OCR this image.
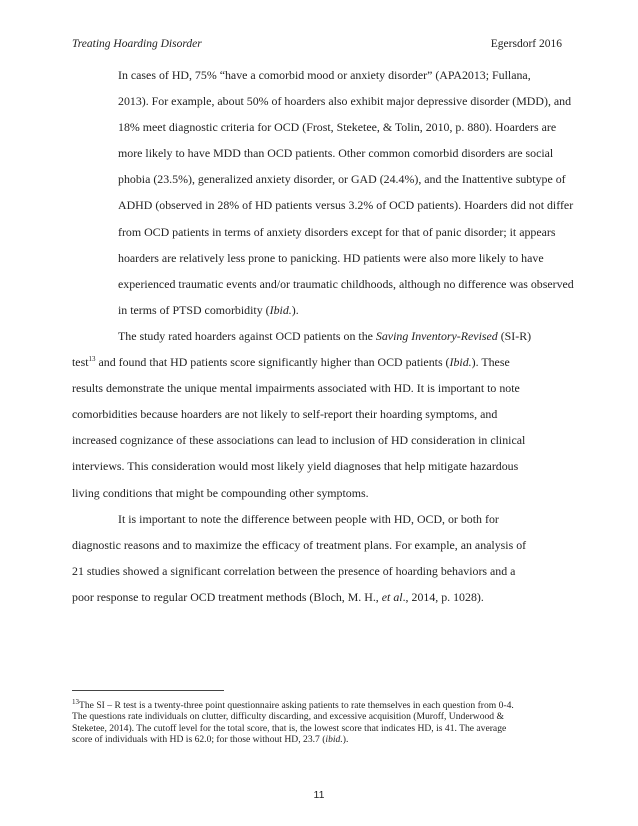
Treating Hoarding Disorder	Egersdorf 2016

In cases of HD, 75% “have a comorbid mood or anxiety disorder” (APA2013; Fullana,
2013). For example, about 50% of hoarders also exhibit major depressive disorder (MDD), and
18% meet diagnostic criteria for OCD (Frost, Steketee, & Tolin, 2010, p. 880). Hoarders are
more likely to have MDD than OCD patients. Other common comorbid disorders are social
phobia (23.5%), generalized anxiety disorder, or GAD (24.4%), and the Inattentive subtype of
ADHD (observed in 28% of HD patients versus 3.2% of OCD patients). Hoarders did not differ
from OCD patients in terms of anxiety disorders except for that of panic disorder; it appears
hoarders are relatively less prone to panicking. HD patients were also more likely to have
experienced traumatic events and/or traumatic childhoods, although no difference was observed
in terms of PTSD comorbidity (Ibid.).

The study rated hoarders against OCD patients on the Saving Inventory-Revised (SI-R)
test$^{13}$ and found that HD patients score significantly higher than OCD patients (Ibid.). These
results demonstrate the unique mental impairments associated with HD. It is important to note
comorbidities because hoarders are not likely to self-report their hoarding symptoms, and
increased cognizance of these associations can lead to inclusion of HD consideration in clinical
interviews. This consideration would most likely yield diagnoses that help mitigate hazardous
living conditions that might be compounding other symptoms.

It is important to note the difference between people with HD, OCD, or both for
diagnostic reasons and to maximize the efficacy of treatment plans. For example, an analysis of
21 studies showed a significant correlation between the presence of hoarding behaviors and a
poor response to regular OCD treatment methods (Bloch, M. H., et al., 2014, p. 1028).

$^{13}$The SI – R test is a twenty-three point questionnaire asking patients to rate themselves in each question from 0-4.
The questions rate individuals on clutter, difficulty discarding, and excessive acquisition (Muroff, Underwood &
Steketee, 2014). The cutoff level for the total score, that is, the lowest score that indicates HD, is 41. The average
score of individuals with HD is 62.0; for those without HD, 23.7 (ibid.).
11
